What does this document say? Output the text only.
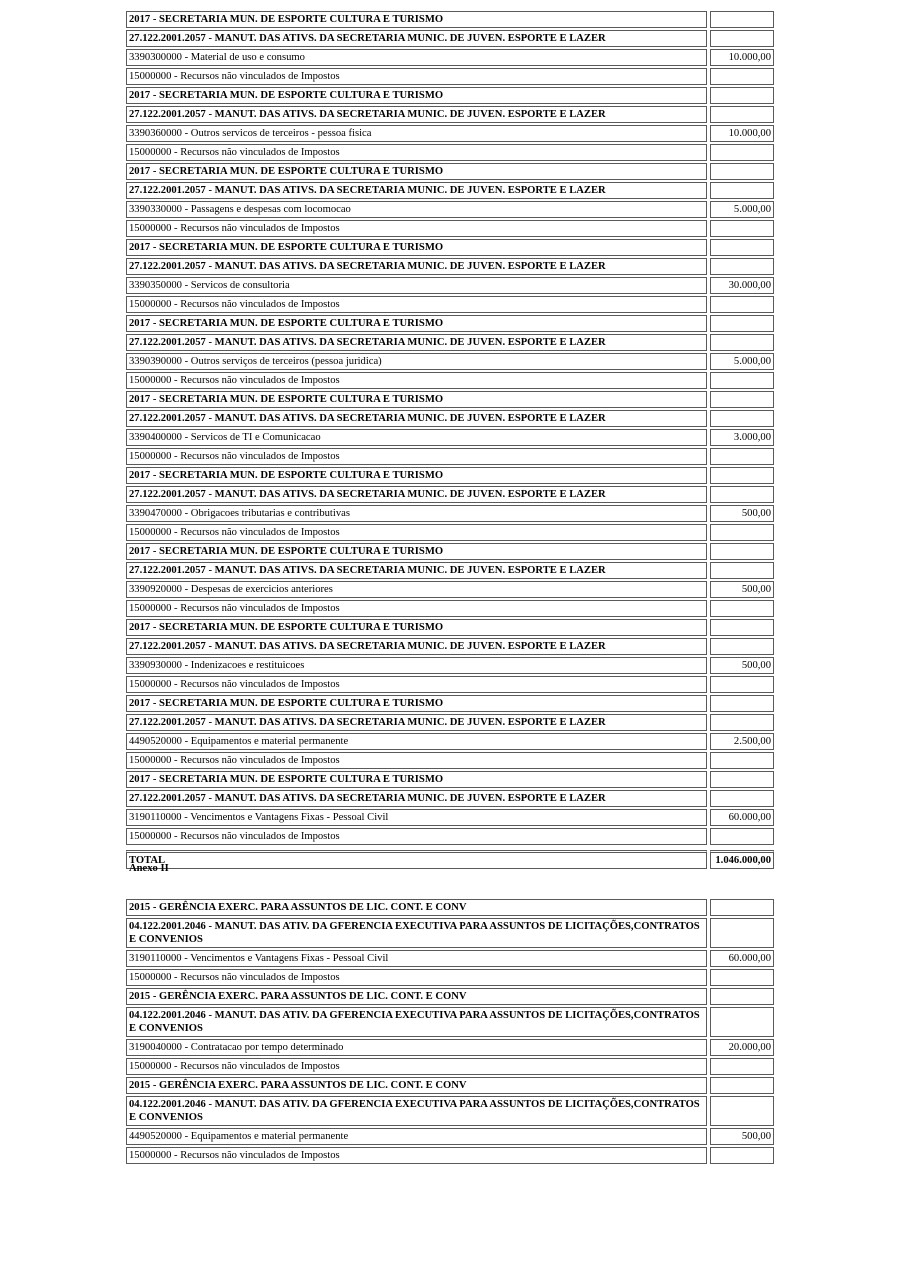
2017 - SECRETARIA MUN. DE ESPORTE CULTURA E TURISMO
27.122.2001.2057 - MANUT. DAS ATIVS. DA SECRETARIA MUNIC. DE JUVEN. ESPORTE E LAZER
3390300000 - Material de uso e consumo	10.000,00
15000000 - Recursos não vinculados de Impostos
2017 - SECRETARIA MUN. DE ESPORTE CULTURA E TURISMO
27.122.2001.2057 - MANUT. DAS ATIVS. DA SECRETARIA MUNIC. DE JUVEN. ESPORTE E LAZER
3390360000 - Outros servicos de terceiros - pessoa fisica	10.000,00
15000000 - Recursos não vinculados de Impostos
2017 - SECRETARIA MUN. DE ESPORTE CULTURA E TURISMO
27.122.2001.2057 - MANUT. DAS ATIVS. DA SECRETARIA MUNIC. DE JUVEN. ESPORTE E LAZER
3390330000 - Passagens e despesas com locomocao	5.000,00
15000000 - Recursos não vinculados de Impostos
2017 - SECRETARIA MUN. DE ESPORTE CULTURA E TURISMO
27.122.2001.2057 - MANUT. DAS ATIVS. DA SECRETARIA MUNIC. DE JUVEN. ESPORTE E LAZER
3390350000 - Servicos de consultoria	30.000,00
15000000 - Recursos não vinculados de Impostos
2017 - SECRETARIA MUN. DE ESPORTE CULTURA E TURISMO
27.122.2001.2057 - MANUT. DAS ATIVS. DA SECRETARIA MUNIC. DE JUVEN. ESPORTE E LAZER
3390390000 - Outros serviços de terceiros (pessoa juridica)	5.000,00
15000000 - Recursos não vinculados de Impostos
2017 - SECRETARIA MUN. DE ESPORTE CULTURA E TURISMO
27.122.2001.2057 - MANUT. DAS ATIVS. DA SECRETARIA MUNIC. DE JUVEN. ESPORTE E LAZER
3390400000 - Servicos de TI e Comunicacao	3.000,00
15000000 - Recursos não vinculados de Impostos
2017 - SECRETARIA MUN. DE ESPORTE CULTURA E TURISMO
27.122.2001.2057 - MANUT. DAS ATIVS. DA SECRETARIA MUNIC. DE JUVEN. ESPORTE E LAZER
3390470000 - Obrigacoes tributarias e contributivas	500,00
15000000 - Recursos não vinculados de Impostos
2017 - SECRETARIA MUN. DE ESPORTE CULTURA E TURISMO
27.122.2001.2057 - MANUT. DAS ATIVS. DA SECRETARIA MUNIC. DE JUVEN. ESPORTE E LAZER
3390920000 - Despesas de exercicios anteriores	500,00
15000000 - Recursos não vinculados de Impostos
2017 - SECRETARIA MUN. DE ESPORTE CULTURA E TURISMO
27.122.2001.2057 - MANUT. DAS ATIVS. DA SECRETARIA MUNIC. DE JUVEN. ESPORTE E LAZER
3390930000 - Indenizacoes e restituicoes	500,00
15000000 - Recursos não vinculados de Impostos
2017 - SECRETARIA MUN. DE ESPORTE CULTURA E TURISMO
27.122.2001.2057 - MANUT. DAS ATIVS. DA SECRETARIA MUNIC. DE JUVEN. ESPORTE E LAZER
4490520000 - Equipamentos e material permanente	2.500,00
15000000 - Recursos não vinculados de Impostos
2017 - SECRETARIA MUN. DE ESPORTE CULTURA E TURISMO
27.122.2001.2057 - MANUT. DAS ATIVS. DA SECRETARIA MUNIC. DE JUVEN. ESPORTE E LAZER
3190110000 - Vencimentos e Vantagens Fixas - Pessoal Civil	60.000,00
15000000 - Recursos não vinculados de Impostos
TOTAL	1.046.000,00
Anexo II
2015 - GERÊNCIA EXERC. PARA ASSUNTOS DE LIC. CONT. E CONV
04.122.2001.2046 - MANUT. DAS ATIV. DA GFERENCIA EXECUTIVA PARA ASSUNTOS DE LICITAÇÕES,CONTRATOS E CONVENIOS
3190110000 - Vencimentos e Vantagens Fixas - Pessoal Civil	60.000,00
15000000 - Recursos não vinculados de Impostos
2015 - GERÊNCIA EXERC. PARA ASSUNTOS DE LIC. CONT. E CONV
04.122.2001.2046 - MANUT. DAS ATIV. DA GFERENCIA EXECUTIVA PARA ASSUNTOS DE LICITAÇÕES,CONTRATOS E CONVENIOS
3190040000 - Contratacao por tempo determinado	20.000,00
15000000 - Recursos não vinculados de Impostos
2015 - GERÊNCIA EXERC. PARA ASSUNTOS DE LIC. CONT. E CONV
04.122.2001.2046 - MANUT. DAS ATIV. DA GFERENCIA EXECUTIVA PARA ASSUNTOS DE LICITAÇÕES,CONTRATOS E CONVENIOS
4490520000 - Equipamentos e material permanente	500,00
15000000 - Recursos não vinculados de Impostos
